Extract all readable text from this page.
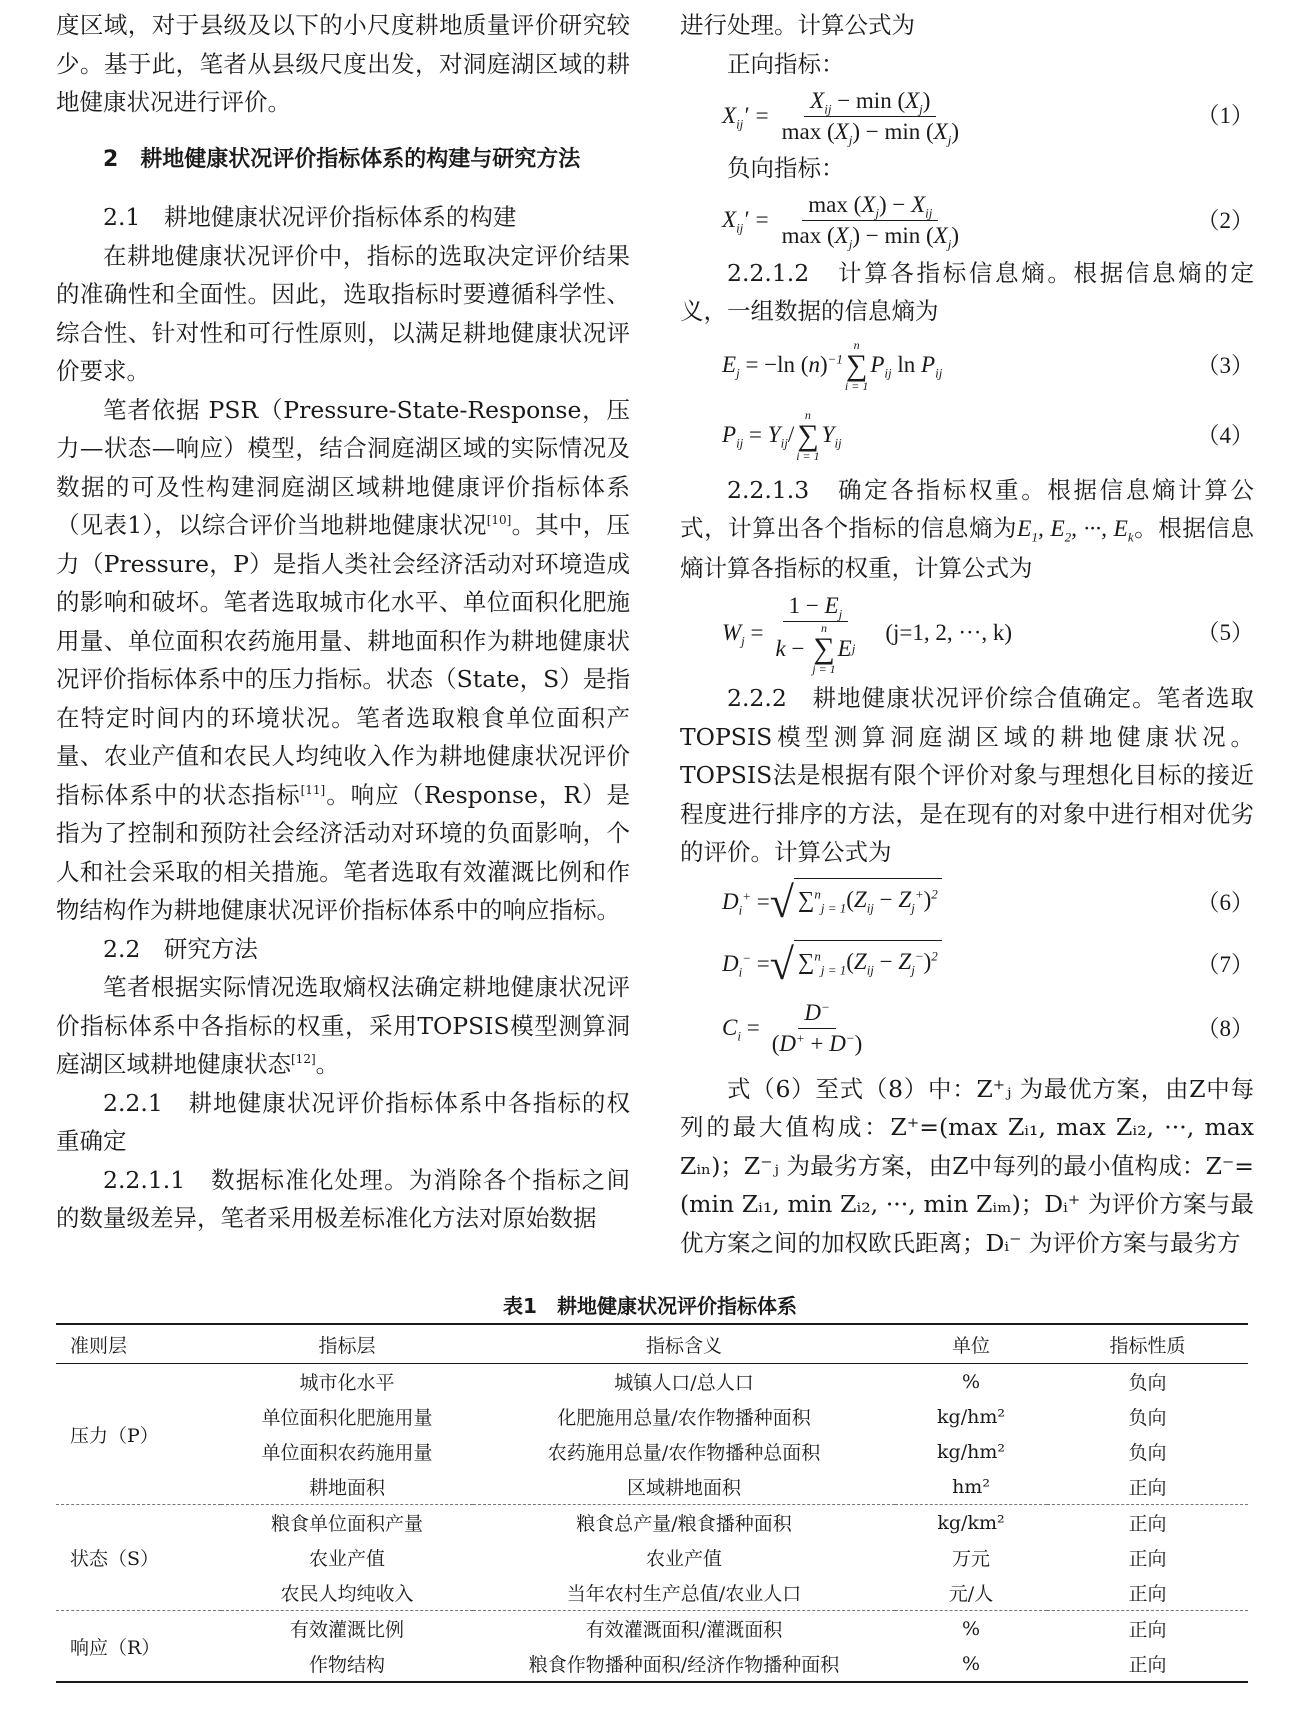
度区域，对于县级及以下的小尺度耕地质量评价研究较少。基于此，笔者从县级尺度出发，对洞庭湖区域的耕地健康状况进行评价。

2　耕地健康状况评价指标体系的构建与研究方法

2.1　耕地健康状况评价指标体系的构建

在耕地健康状况评价中，指标的选取决定评价结果的准确性和全面性。因此，选取指标时要遵循科学性、综合性、针对性和可行性原则，以满足耕地健康状况评价要求。

笔者依据 PSR（Pressure-State-Response，压力—状态—响应）模型，结合洞庭湖区域的实际情况及数据的可及性构建洞庭湖区域耕地健康评价指标体系（见表1），以综合评价当地耕地健康状况[10]。其中，压力（Pressure，P）是指人类社会经济活动对环境造成的影响和破坏。笔者选取城市化水平、单位面积化肥施用量、单位面积农药施用量、耕地面积作为耕地健康状况评价指标体系中的压力指标。状态（State，S）是指在特定时间内的环境状况。笔者选取粮食单位面积产量、农业产值和农民人均纯收入作为耕地健康状况评价指标体系中的状态指标[11]。响应（Response，R）是指为了控制和预防社会经济活动对环境的负面影响，个人和社会采取的相关措施。笔者选取有效灌溉比例和作物结构作为耕地健康状况评价指标体系中的响应指标。

2.2　研究方法

笔者根据实际情况选取熵权法确定耕地健康状况评价指标体系中各指标的权重，采用TOPSIS模型测算洞庭湖区域耕地健康状态[12]。

2.2.1　耕地健康状况评价指标体系中各指标的权重确定

2.2.1.1　数据标准化处理。为消除各个指标之间的数量级差异，笔者采用极差标准化方法对原始数据

进行处理。计算公式为

正向指标：

$X_{ij}' = \frac{X_{ij} - \min (X_j)}{\max (X_j) - \min (X_j)}$	（1）

负向指标：

$X_{ij}' = \frac{\max (X_j) - X_{ij}}{\max (X_j) - \min (X_j)}$	（2）

2.2.1.2　计算各指标信息熵。根据信息熵的定义，一组数据的信息熵为

$E_j = -\ln$ $(n)^{-1}$
n
∑
i = 1
$P_{ij}$ $\ln P_{ij}$	（3）
$P_{ij} = Y_{ij}/$
n
∑
i = 1
$Y_{ij}$	（4）

2.2.1.3　确定各指标权重。根据信息熵计算公式，计算出各个指标的信息熵为$E_1$, $E_2$, ···, $E_k$。根据信息熵计算各指标的权重，计算公式为

$W_j = 1 - E_j$
k −
n
∑
j = 1
E j (j=1, 2, ···, k)	（5）

2.2.2　耕地健康状况评价综合值确定。笔者选取TOPSIS模型测算洞庭湖区域的耕地健康状况。TOPSIS法是根据有限个评价对象与理想化目标的接近程度进行排序的方法，是在现有的对象中进行相对优劣的评价。计算公式为

$D_i^+$ = √ $\sum^n_{j = 1}(Z_{ij} - Z_j^+)^2$	（6）
$D_i^-$ = √ $\sum^n_{j = 1}(Z_{ij} - Z_j^-)^2$	（7）
$C_i = \frac{D^-}{(D^+ + D^-)}$	（8）

式（6）至式（8）中：Z⁺ⱼ 为最优方案，由Z中每列的最大值构成：Z⁺=(max Zᵢ₁, max Zᵢ₂, ···, max Zᵢₙ)；Z⁻ⱼ 为最劣方案，由Z中每列的最小值构成：Z⁻=(min Zᵢ₁, min Zᵢ₂, ···, min Zᵢₘ)；Dᵢ⁺ 为评价方案与最优方案之间的加权欧氏距离；Dᵢ⁻ 为评价方案与最劣方

表1　耕地健康状况评价指标体系
准则层	指标层	指标含义	单位	指标性质
压力（P）	城市化水平	城镇人口/总人口	%	负向
	单位面积化肥施用量	化肥施用总量/农作物播种面积	kg/hm²	负向
	单位面积农药施用量	农药施用总量/农作物播种总面积	kg/hm²	负向
	耕地面积	区域耕地面积	hm²	正向
状态（S）	粮食单位面积产量	粮食总产量/粮食播种面积	kg/km²	正向
	农业产值	农业产值	万元	正向
	农民人均纯收入	当年农村生产总值/农业人口	元/人	正向
响应（R）	有效灌溉比例	有效灌溉面积/灌溉面积	%	正向
	作物结构	粮食作物播种面积/经济作物播种面积	%	正向
